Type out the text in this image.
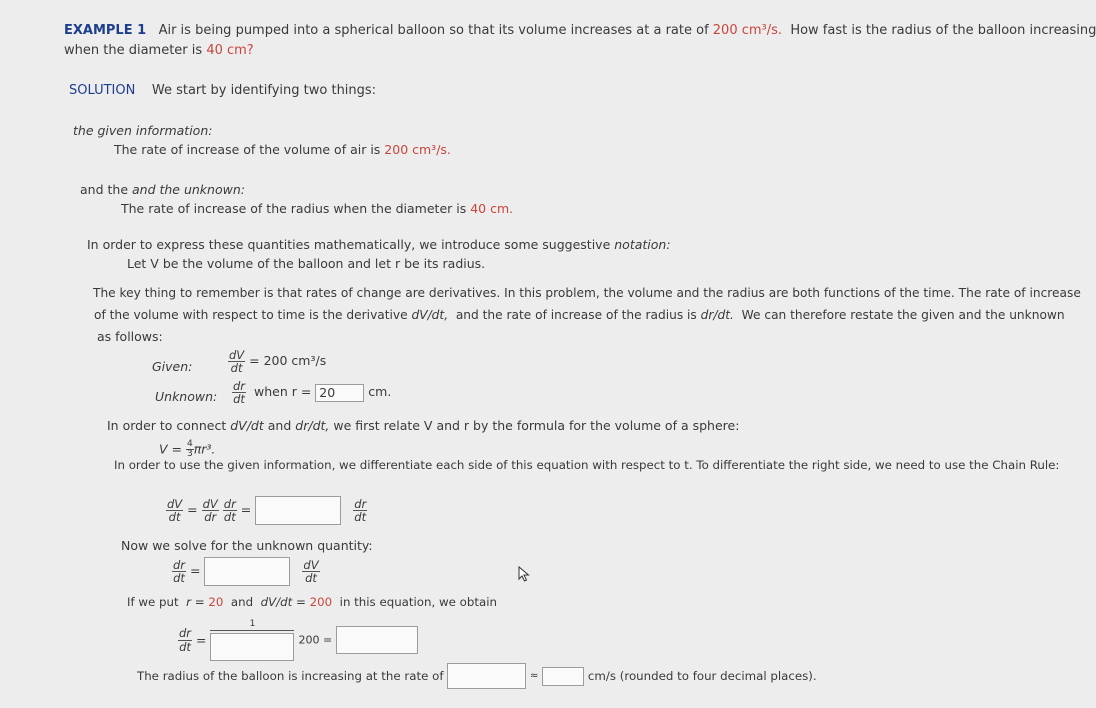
EXAMPLE 1 Air is being pumped into a spherical balloon so that its volume increases at a rate of 200 cm³/s. How fast is the radius of the balloon increasing
when the diameter is 40 cm?
SOLUTION We start by identifying two things:
the given information:
The rate of increase of the volume of air is 200 cm³/s.
and the and the unknown:
The rate of increase of the radius when the diameter is 40 cm.
In order to express these quantities mathematically, we introduce some suggestive notation:
Let V be the volume of the balloon and let r be its radius.
The key thing to remember is that rates of change are derivatives. In this problem, the volume and the radius are both functions of the time. The rate of increase
of the volume with respect to time is the derivative dV/dt, and the rate of increase of the radius is dr/dt. We can therefore restate the given and the unknown
as follows:
Given:	$\frac{dV}{dt} = 200$ cm³/s
Unknown: $\frac{dr}{dt}$ when r = 20	cm.
In order to connect dV/dt and dr/dt, we first relate V and r by the formula for the volume of a sphere:
$V = \frac{4}{3} \pi r^3$.
In order to use the given information, we differentiate each side of this equation with respect to t. To differentiate the right side, we need to use the Chain Rule:
$\frac{dV}{dt} = \frac{dV}{dr}$
$\frac{dr}{dt}$ =	$\frac{dr}{dt}$
Now we solve for the unknown quantity:
$\frac{dr}{dt}$ =	$\frac{dV}{dt}$
If we put r = 20 and dV/dt = 200 in this equation, we obtain
$\frac{dr}{dt}$ =
1
200 =
The radius of the balloon is increasing at the rate of	≈	cm/s (rounded to four decimal places).
